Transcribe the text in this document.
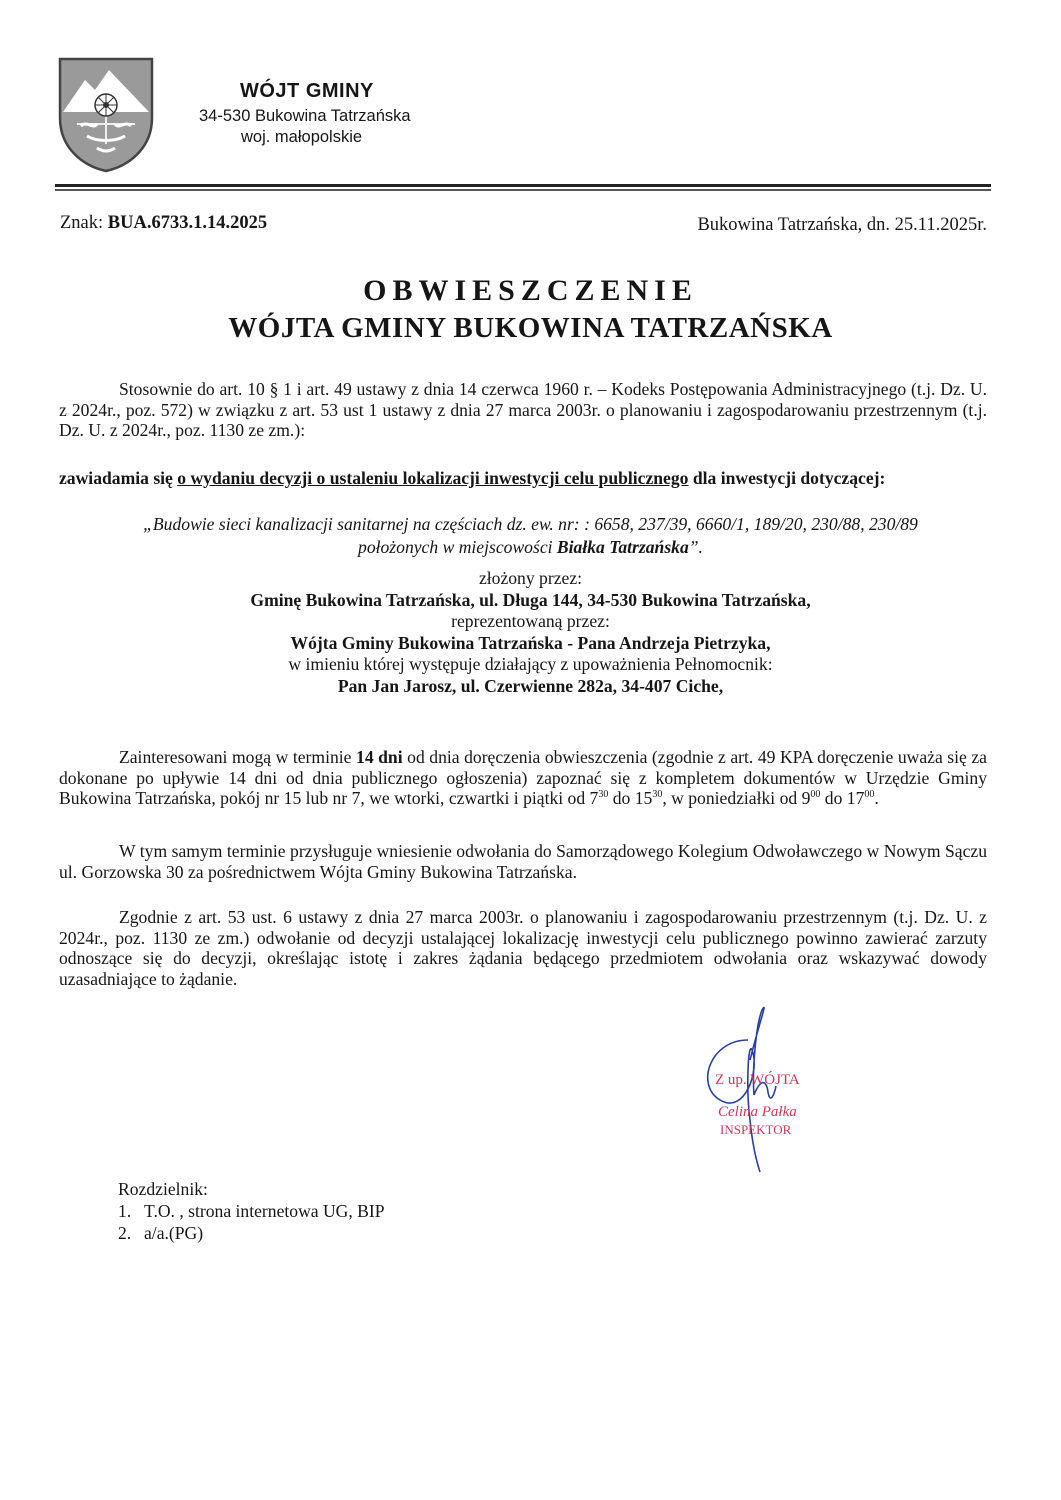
WÓJT GMINY
34-530 Bukowina Tatrzańska
woj. małopolskie
Znak: BUA.6733.1.14.2025	Bukowina Tatrzańska, dn. 25.11.2025r.
OBWIESZCZENIE
WÓJTA GMINY BUKOWINA TATRZAŃSKA
Stosownie do art. 10 § 1 i art. 49 ustawy z dnia 14 czerwca 1960 r. – Kodeks Postępowania Administracyjnego (t.j. Dz. U. z 2024r., poz. 572) w związku z art. 53 ust 1 ustawy z dnia 27 marca 2003r. o planowaniu i zagospodarowaniu przestrzennym (t.j. Dz. U. z 2024r., poz. 1130 ze zm.):
zawiadamia się o wydaniu decyzji o ustaleniu lokalizacji inwestycji celu publicznego dla inwestycji dotyczącej:
„Budowie sieci kanalizacji sanitarnej na częściach dz. ew. nr: : 6658, 237/39, 6660/1, 189/20, 230/88, 230/89
położonych w miejscowości Białka Tatrzańska”.
złożony przez:
Gminę Bukowina Tatrzańska, ul. Długa 144, 34-530 Bukowina Tatrzańska,
reprezentowaną przez:
Wójta Gminy Bukowina Tatrzańska - Pana Andrzeja Pietrzyka,
w imieniu której występuje działający z upoważnienia Pełnomocnik:
Pan Jan Jarosz, ul. Czerwienne 282a, 34-407 Ciche,
Zainteresowani mogą w terminie 14 dni od dnia doręczenia obwieszczenia (zgodnie z art. 49 KPA doręczenie uważa się za dokonane po upływie 14 dni od dnia publicznego ogłoszenia) zapoznać się z kompletem dokumentów w Urzędzie Gminy Bukowina Tatrzańska, pokój nr 15 lub nr 7, we wtorki, czwartki i piątki od $7^{30}$ do $15^{30}$, w poniedziałki od $9^{00}$ do $17^{00}$.
W tym samym terminie przysługuje wniesienie odwołania do Samorządowego Kolegium Odwoławczego w Nowym Sączu ul. Gorzowska 30 za pośrednictwem Wójta Gminy Bukowina Tatrzańska.
Zgodnie z art. 53 ust. 6 ustawy z dnia 27 marca 2003r. o planowaniu i zagospodarowaniu przestrzennym (t.j. Dz. U. z 2024r., poz. 1130 ze zm.) odwołanie od decyzji ustalającej lokalizację inwestycji celu publicznego powinno zawierać zarzuty odnoszące się do decyzji, określając istotę i zakres żądania będącego przedmiotem odwołania oraz wskazywać dowody uzasadniające to żądanie.
Z up. WÓJTA
Celina Pałka
INSPEKTOR
Rozdzielnik:
1. T.O. , strona internetowa UG, BIP
2. a/a.(PG)
